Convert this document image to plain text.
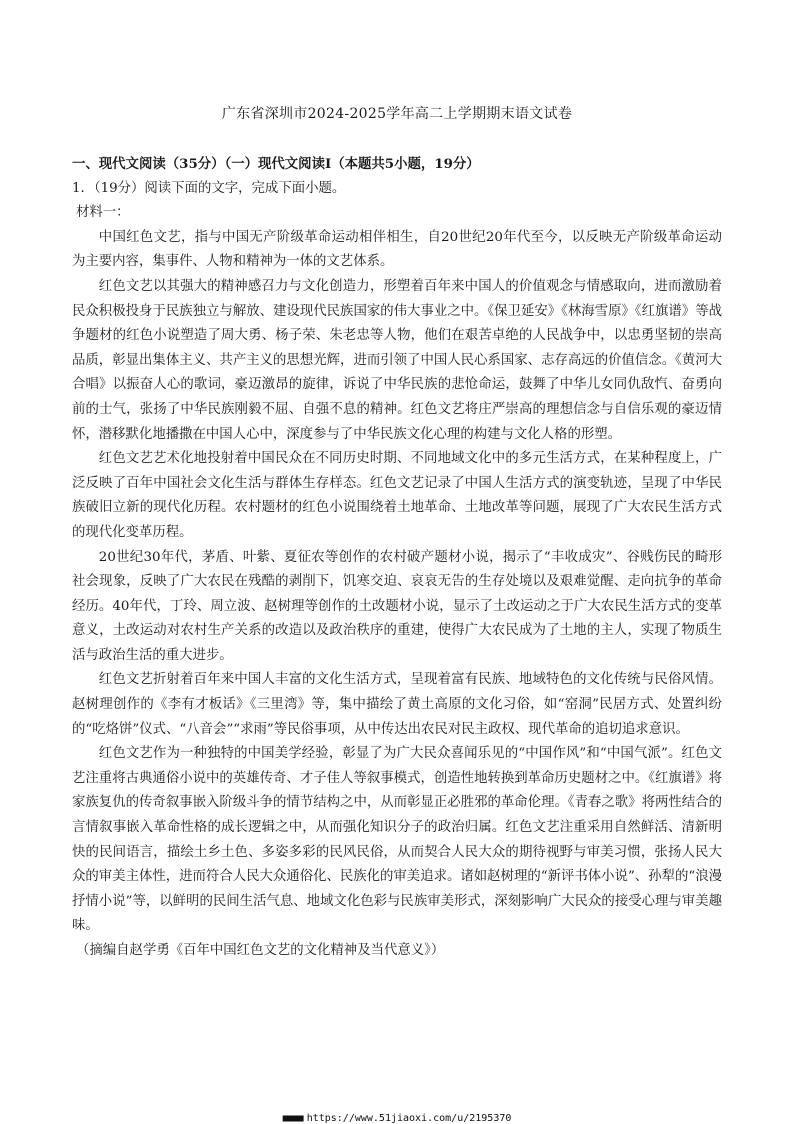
广东省深圳市2024-2025学年高二上学期期末语文试卷

一、现代文阅读（35分）（一）现代文阅读Ⅰ（本题共5小题，19分）

1．（19分）阅读下面的文字，完成下面小题。

材料一：

中国红色文艺，指与中国无产阶级革命运动相伴相生，自20世纪20年代至今，以反映无产阶级革命运动为主要内容，集事件、人物和精神为一体的文艺体系。

红色文艺以其强大的精神感召力与文化创造力，形塑着百年来中国人的价值观念与情感取向，进而激励着民众积极投身于民族独立与解放、建设现代民族国家的伟大事业之中。《保卫延安》《林海雪原》《红旗谱》等战争题材的红色小说塑造了周大勇、杨子荣、朱老忠等人物，他们在艰苦卓绝的人民战争中，以忠勇坚韧的崇高品质，彰显出集体主义、共产主义的思想光辉，进而引领了中国人民心系国家、志存高远的价值信念。《黄河大合唱》以振奋人心的歌词，豪迈激昂的旋律，诉说了中华民族的悲怆命运，鼓舞了中华儿女同仇敌忾、奋勇向前的士气，张扬了中华民族刚毅不屈、自强不息的精神。红色文艺将庄严崇高的理想信念与自信乐观的豪迈情怀，潜移默化地播撒在中国人心中，深度参与了中华民族文化心理的构建与文化人格的形塑。

红色文艺艺术化地投射着中国民众在不同历史时期、不同地域文化中的多元生活方式，在某种程度上，广泛反映了百年中国社会文化生活与群体生存样态。红色文艺记录了中国人生活方式的演变轨迹，呈现了中华民族破旧立新的现代化历程。农村题材的红色小说围绕着土地革命、土地改革等问题，展现了广大农民生活方式的现代化变革历程。

20世纪30年代，茅盾、叶紫、夏征农等创作的农村破产题材小说，揭示了“丰收成灾”、谷贱伤民的畸形社会现象，反映了广大农民在残酷的剥削下，饥寒交迫、哀哀无告的生存处境以及艰难觉醒、走向抗争的革命经历。40年代，丁玲、周立波、赵树理等创作的土改题材小说，显示了土改运动之于广大农民生活方式的变革意义，土改运动对农村生产关系的改造以及政治秩序的重建，使得广大农民成为了土地的主人，实现了物质生活与政治生活的重大进步。

红色文艺折射着百年来中国人丰富的文化生活方式，呈现着富有民族、地域特色的文化传统与民俗风情。赵树理创作的《李有才板话》《三里湾》等，集中描绘了黄土高原的文化习俗，如“窑洞”民居方式、处置纠纷的“吃烙饼”仪式、“八音会”“求雨”等民俗事项，从中传达出农民对民主政权、现代革命的追切追求意识。

红色文艺作为一种独特的中国美学经验，彰显了为广大民众喜闻乐见的“中国作风”和“中国气派”。红色文艺注重将古典通俗小说中的英雄传奇、才子佳人等叙事模式，创造性地转换到革命历史题材之中。《红旗谱》将家族复仇的传奇叙事嵌入阶级斗争的情节结构之中，从而彰显正必胜邪的革命伦理。《青春之歌》将两性结合的言情叙事嵌入革命性格的成长逻辑之中，从而强化知识分子的政治归属。红色文艺注重采用自然鲜活、清新明快的民间语言，描绘土乡土色、多姿多彩的民风民俗，从而契合人民大众的期待视野与审美习惯，张扬人民大众的审美主体性，进而符合人民大众通俗化、民族化的审美追求。诸如赵树理的“新评书体小说”、孙犁的“浪漫抒情小说”等，以鲜明的民间生活气息、地域文化色彩与民族审美形式，深刻影响广大民众的接受心理与审美趣味。

（摘编自赵学勇《百年中国红色文艺的文化精神及当代意义》）

■■■■ https://www.51jiaoxi.com/u/2195370
